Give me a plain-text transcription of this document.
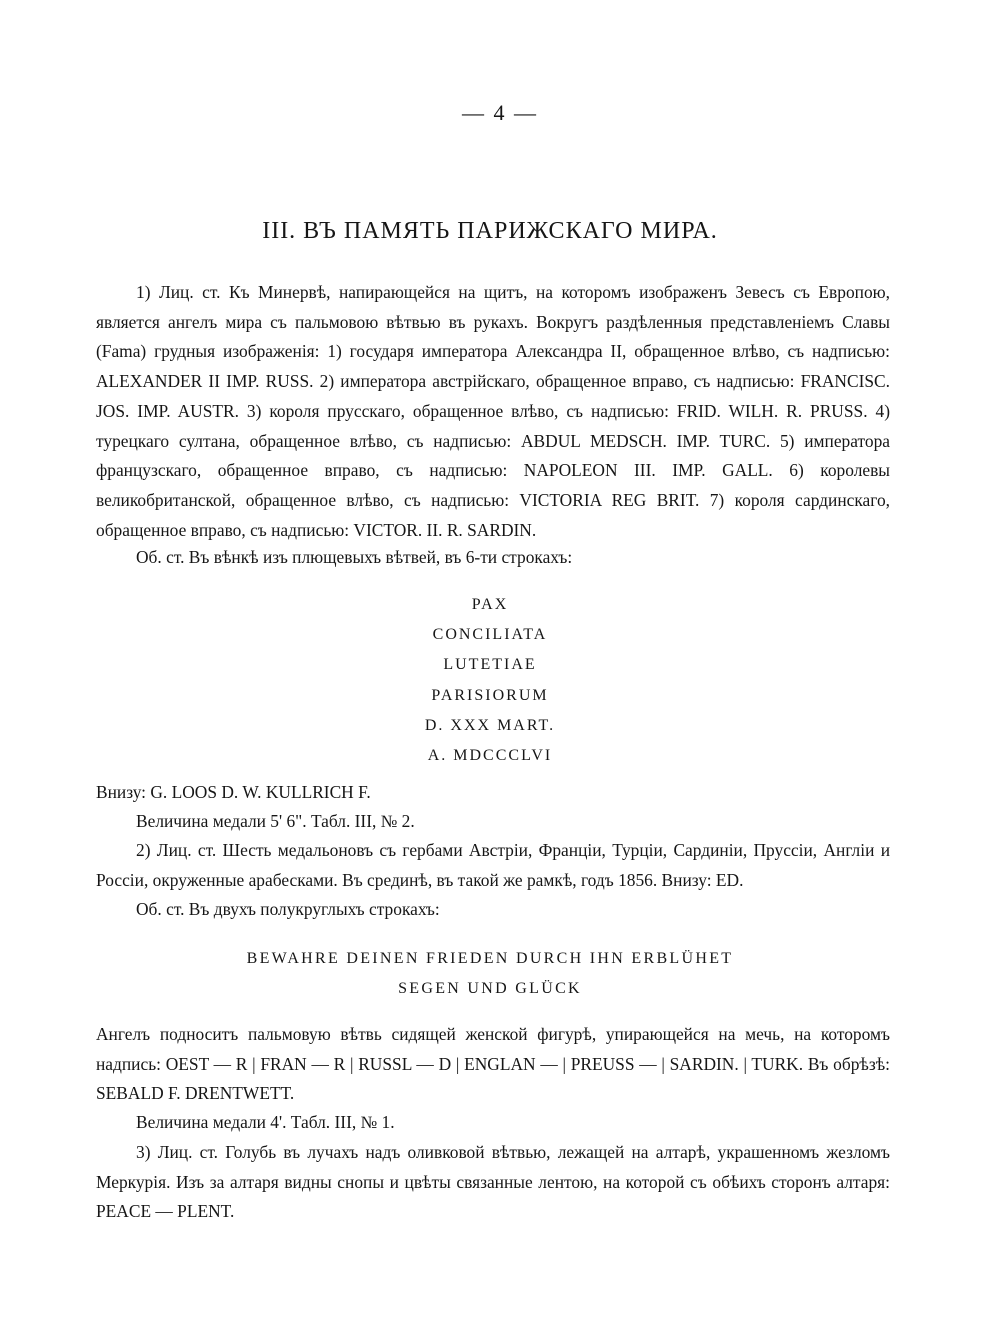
— 4 —
III. ВЪ ПАМЯТЬ ПАРИЖСКАГО МИРА.
1) Лиц. ст. Къ Минервѣ, напирающейся на щитъ, на которомъ изображенъ Зевесъ съ Европою, является ангелъ мира съ пальмовою вѣтвью въ рукахъ. Вокругъ раздѣленныя представленіемъ Славы (Fama) грудныя изображенія: 1) государя императора Александра II, обращенное влѣво, съ надписью: ALEXANDER II IMP. RUSS. 2) императора австрійскаго, обращенное вправо, съ надписью: FRANCISC. JOS. IMP. AUSTR. 3) короля прусскаго, обращенное влѣво, съ надписью: FRID. WILH. R. PRUSS. 4) турецкаго султана, обращенное влѣво, съ надписью: ABDUL MEDSCH. IMP. TURC. 5) императора французскаго, обращенное вправо, съ надписью: NAPOLEON III. IMP. GALL. 6) королевы великобританской, обращенное влѣво, съ надписью: VICTORIA REG BRIT. 7) короля сардинскаго, обращенное вправо, съ надписью: VICTOR. II. R. SARDIN.
Об. ст. Въ вѣнкѣ изъ плющевыхъ вѣтвей, въ 6-ти строкахъ:
PAX
CONCILIATA
LUTETIAE
PARISIORUM
D. XXX MART.
A. MDCCCLVI
Внизу: G. LOOS D. W. KULLRICH F.
Величина медали 5' 6". Табл. III, № 2.
2) Лиц. ст. Шесть медальоновъ съ гербами Австріи, Франціи, Турціи, Сардиніи, Пруссіи, Англіи и Россіи, окруженные арабесками. Въ срединѣ, въ такой же рамкѣ, годъ 1856. Внизу: ED.
Об. ст. Въ двухъ полукруглыхъ строкахъ:
BEWAHRE DEINEN FRIEDEN DURCH IHN ERBLÜHET
SEGEN UND GLÜCK
Ангелъ подноситъ пальмовую вѣтвь сидящей женской фигурѣ, упирающейся на мечь, на которомъ надпись: OEST — R | FRAN — R | RUSSL — D | ENGLAN — | PREUSS — | SARDIN. | TURK. Въ обрѣзѣ: SEBALD F. DRENTWETT.
Величина медали 4'. Табл. III, № 1.
3) Лиц. ст. Голубь въ лучахъ надъ оливковой вѣтвью, лежащей на алтарѣ, украшенномъ жезломъ Меркурія. Изъ за алтаря видны снопы и цвѣты связанные лентою, на которой съ обѣихъ сторонъ алтаря: PEACE — PLENT.
